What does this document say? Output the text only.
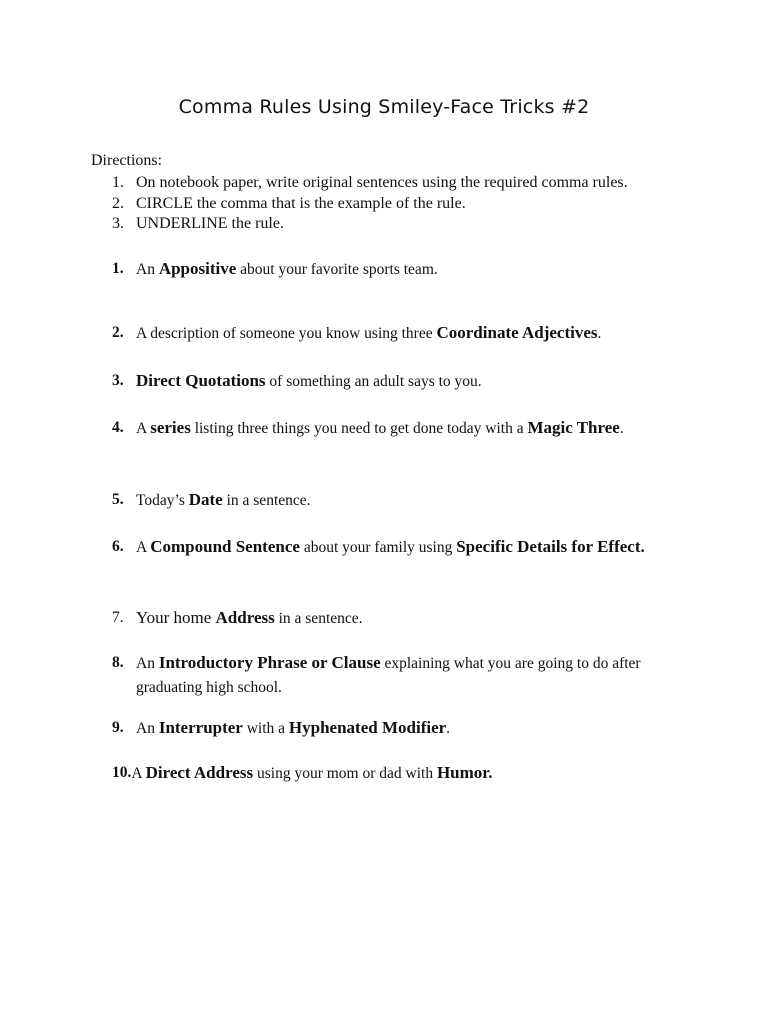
Comma Rules Using Smiley-Face Tricks #2
Directions:
1. On notebook paper, write original sentences using the required comma rules.
2. CIRCLE the comma that is the example of the rule.
3. UNDERLINE the rule.
1. An Appositive about your favorite sports team.
2. A description of someone you know using three Coordinate Adjectives.
3. Direct Quotations of something an adult says to you.
4. A series listing three things you need to get done today with a Magic Three.
5. Today’s Date in a sentence.
6. A Compound Sentence about your family using Specific Details for Effect.
7. Your home Address in a sentence.
8. An Introductory Phrase or Clause explaining what you are going to do after graduating high school.
9. An Interrupter with a Hyphenated Modifier.
10. A Direct Address using your mom or dad with Humor.
